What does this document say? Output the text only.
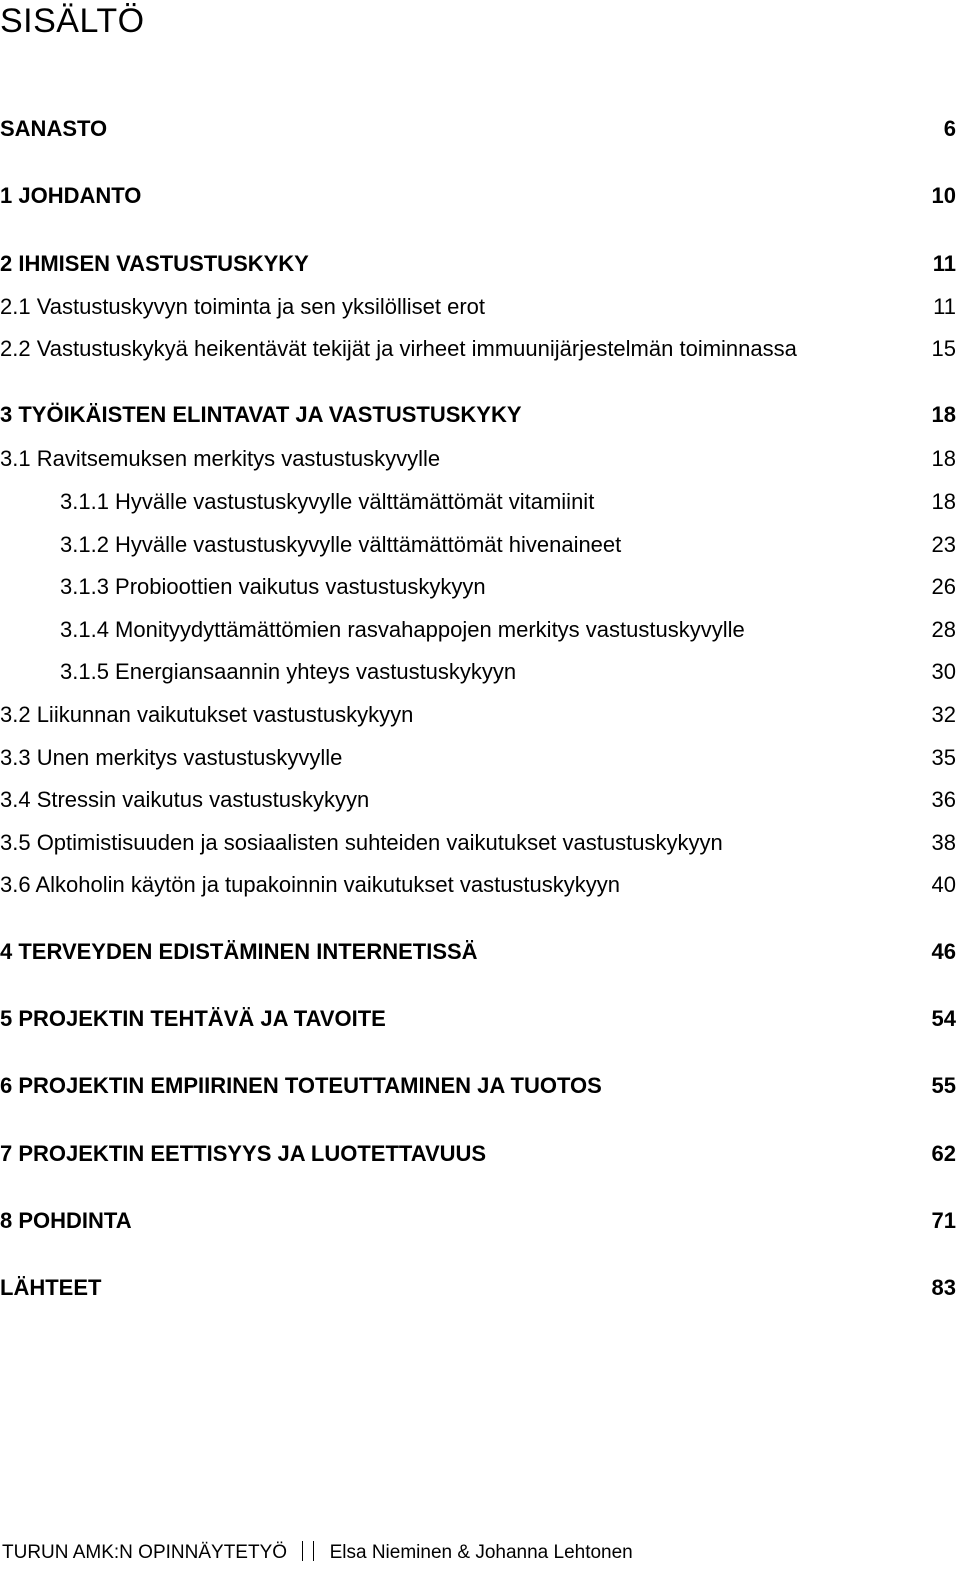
SISÄLTÖ
SANASTO	6
1 JOHDANTO	10
2 IHMISEN VASTUSTUSKYKY	11
2.1 Vastustuskyvyn toiminta ja sen yksilölliset erot	11
2.2 Vastustuskykyä heikentävät tekijät ja virheet immuunijärjestelmän toiminnassa	15
3 TYÖIKÄISTEN ELINTAVAT JA VASTUSTUSKYKY	18
3.1 Ravitsemuksen merkitys vastustuskyvylle	18
3.1.1 Hyvälle vastustuskyvylle välttämättömät vitamiinit	18
3.1.2 Hyvälle vastustuskyvylle välttämättömät hivenaineet	23
3.1.3 Probioottien vaikutus vastustuskykyyn	26
3.1.4 Monityydyttämättömien rasvahappojen merkitys vastustuskyvylle	28
3.1.5 Energiansaannin yhteys vastustuskykyyn	30
3.2 Liikunnan vaikutukset vastustuskykyyn	32
3.3 Unen merkitys vastustuskyvylle	35
3.4 Stressin vaikutus vastustuskykyyn	36
3.5 Optimistisuuden ja sosiaalisten suhteiden vaikutukset vastustuskykyyn	38
3.6 Alkoholin käytön ja tupakoinnin vaikutukset vastustuskykyyn	40
4 TERVEYDEN EDISTÄMINEN INTERNETISSÄ	46
5 PROJEKTIN TEHTÄVÄ JA TAVOITE	54
6 PROJEKTIN EMPIIRINEN TOTEUTTAMINEN JA TUOTOS	55
7 PROJEKTIN EETTISYYS JA LUOTETTAVUUS	62
8 POHDINTA	71
LÄHTEET	83
TURUN AMK:N OPINNÄYTETYÖ Elsa Nieminen & Johanna Lehtonen
